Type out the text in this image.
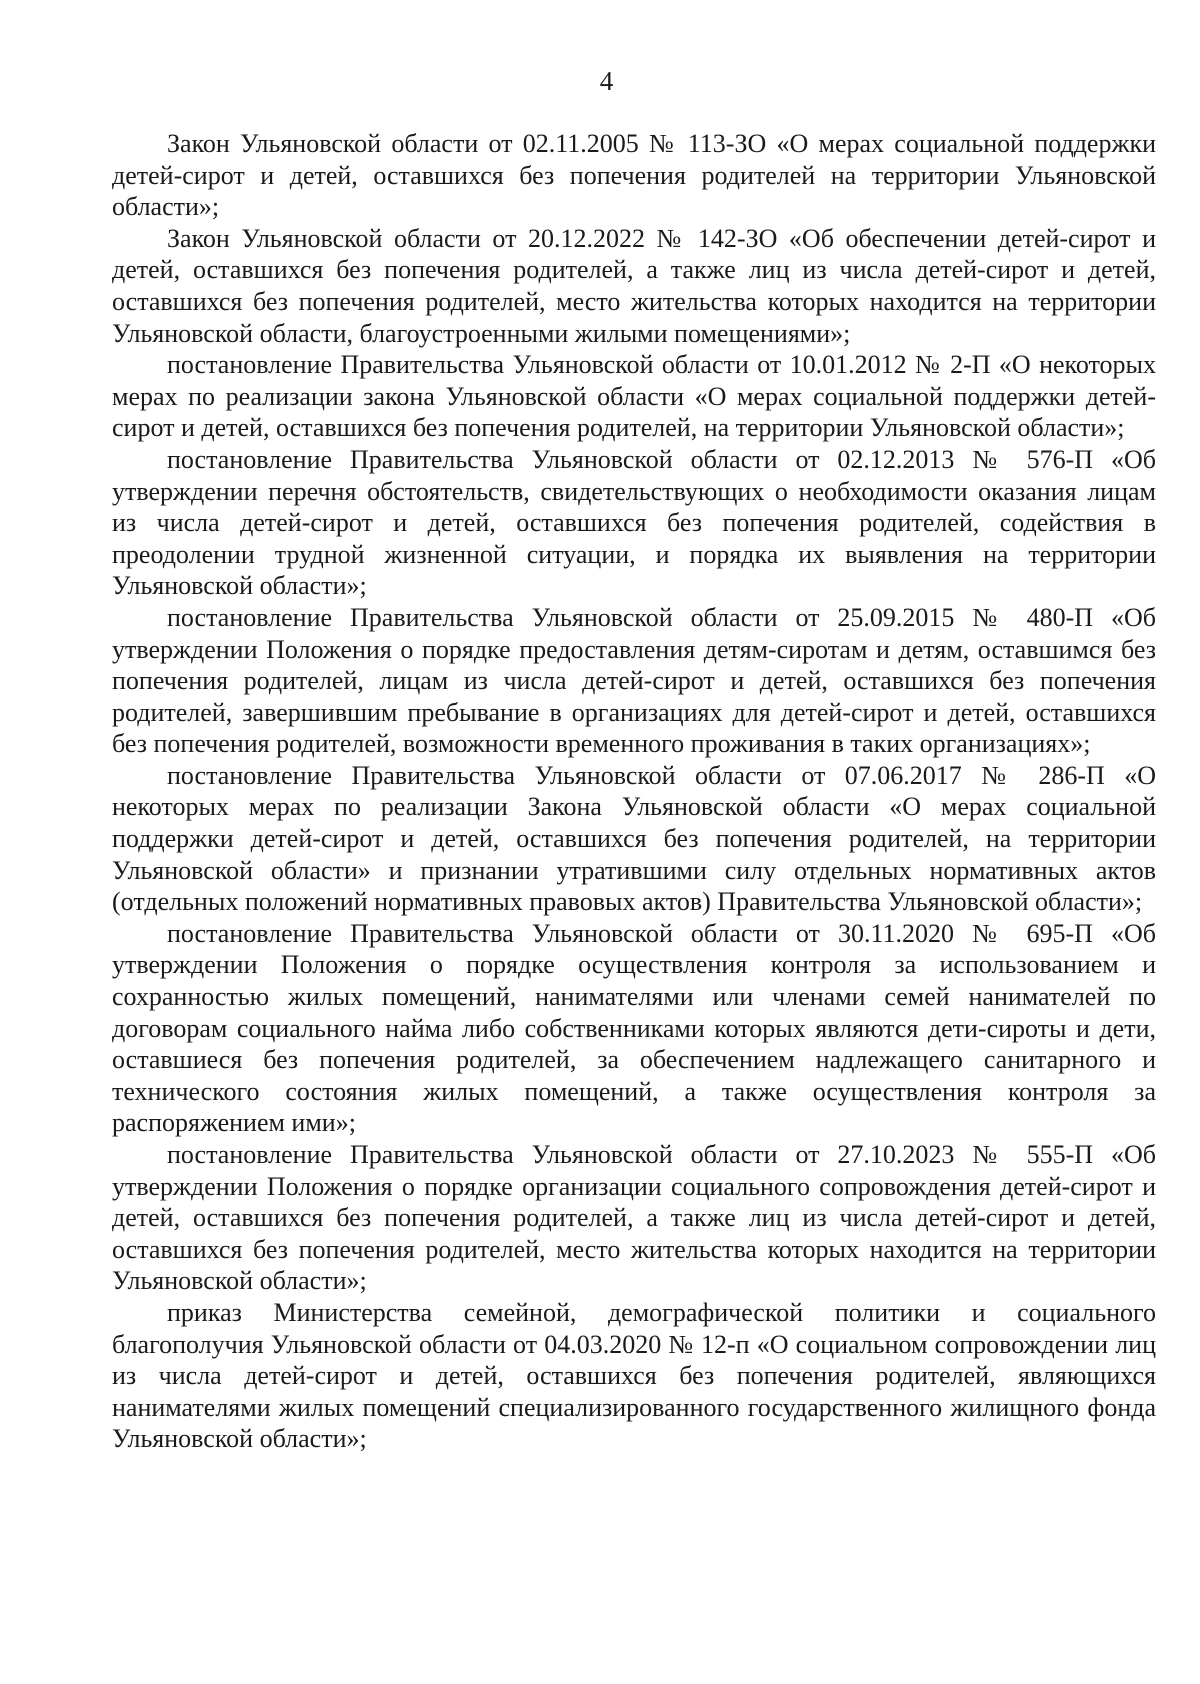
4

Закон Ульяновской области от 02.11.2005 № 113-ЗО «О мерах социальной поддержки детей-сирот и детей, оставшихся без попечения родителей на территории Ульяновской области»;

Закон Ульяновской области от 20.12.2022 № 142-ЗО «Об обеспечении детей-сирот и детей, оставшихся без попечения родителей, а также лиц из числа детей-сирот и детей, оставшихся без попечения родителей, место жительства которых находится на территории Ульяновской области, благоустроенными жилыми помещениями»;

постановление Правительства Ульяновской области от 10.01.2012 № 2-П «О некоторых мерах по реализации закона Ульяновской области «О мерах социальной поддержки детей-сирот и детей, оставшихся без попечения родителей, на территории Ульяновской области»;

постановление Правительства Ульяновской области от 02.12.2013 № 576-П «Об утверждении перечня обстоятельств, свидетельствующих о необходимости оказания лицам из числа детей-сирот и детей, оставшихся без попечения родителей, содействия в преодолении трудной жизненной ситуации, и порядка их выявления на территории Ульяновской области»;

постановление Правительства Ульяновской области от 25.09.2015 № 480-П «Об утверждении Положения о порядке предоставления детям-сиротам и детям, оставшимся без попечения родителей, лицам из числа детей-сирот и детей, оставшихся без попечения родителей, завершившим пребывание в организациях для детей-сирот и детей, оставшихся без попечения родителей, возможности временного проживания в таких организациях»;

постановление Правительства Ульяновской области от 07.06.2017 № 286-П «О некоторых мерах по реализации Закона Ульяновской области «О мерах социальной поддержки детей-сирот и детей, оставшихся без попечения родителей, на территории Ульяновской области» и признании утратившими силу отдельных нормативных актов (отдельных положений нормативных правовых актов) Правительства Ульяновской области»;

постановление Правительства Ульяновской области от 30.11.2020 № 695-П «Об утверждении Положения о порядке осуществления контроля за использованием и сохранностью жилых помещений, нанимателями или членами семей нанимателей по договорам социального найма либо собственниками которых являются дети-сироты и дети, оставшиеся без попечения родителей, за обеспечением надлежащего санитарного и технического состояния жилых помещений, а также осуществления контроля за распоряжением ими»;

постановление Правительства Ульяновской области от 27.10.2023 № 555-П «Об утверждении Положения о порядке организации социального сопровождения детей-сирот и детей, оставшихся без попечения родителей, а также лиц из числа детей-сирот и детей, оставшихся без попечения родителей, место жительства которых находится на территории Ульяновской области»;

приказ Министерства семейной, демографической политики и социального благополучия Ульяновской области от 04.03.2020 № 12-п «О социальном сопровождении лиц из числа детей-сирот и детей, оставшихся без попечения родителей, являющихся нанимателями жилых помещений специализированного государственного жилищного фонда Ульяновской области»;
